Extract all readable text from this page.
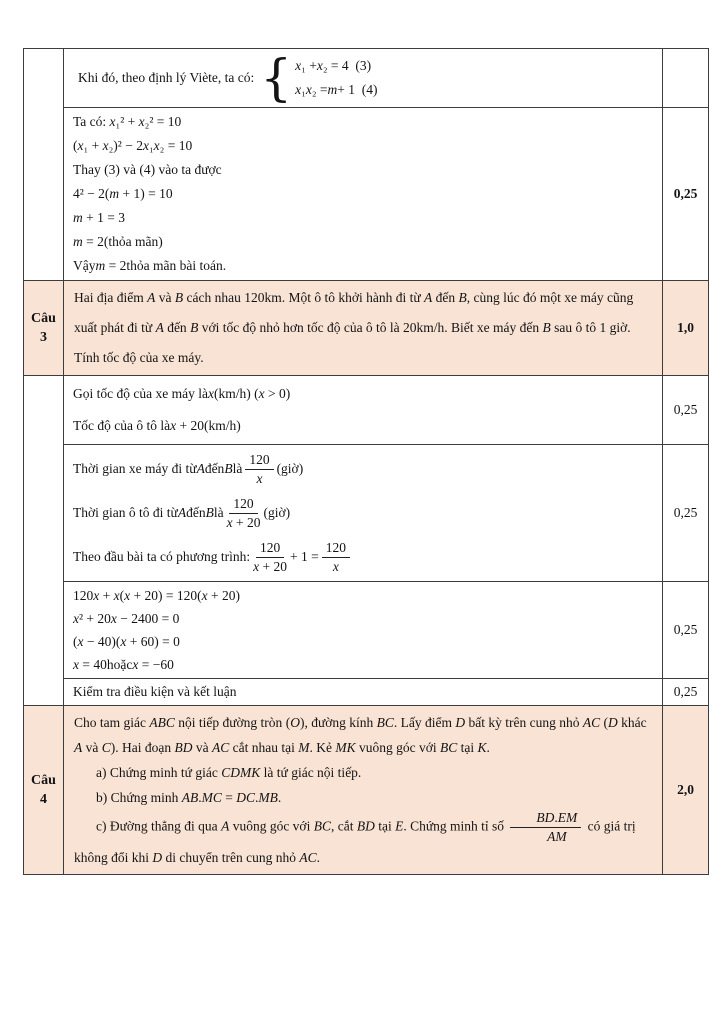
Khi đó, theo định lý Viète, ta có: { x ₁ + x ₂ = 4  (3)
x ₁ x ₂ = m + 1  (4)

Ta có: x₁² + x₂² = 10
(x₁ + x₂)² − 2x₁x₂ = 10
Thay (3) và (4) vào ta được
4² − 2(m + 1) = 10
m + 1 = 3
m = 2 (thỏa mãn)
Vậy m = 2 thỏa mãn bài toán.
	0,25

Câu
3	Hai địa điểm A và B cách nhau 120km. Một ô tô khởi hành đi từ A đến B, cùng lúc đó một xe máy cũng xuất phát đi từ A đến B với tốc độ nhỏ hơn tốc độ của ô tô là 20km/h. Biết xe máy đến B sau ô tô 1 giờ. Tính tốc độ của xe máy.	1,0

Gọi tốc độ của xe máy là x (km/h) (x > 0)
Tốc độ của ô tô là x + 20 (km/h)
	0,25

Thời gian xe máy đi từ A đến B là $\frac{120}{x}$ (giờ)
Thời gian ô tô đi từ A đến B là $\frac{120}{x + 20}$ (giờ)
Theo đầu bài ta có phương trình: $\frac{120}{x + 20} + 1 = \frac{120}{x}$
	0,25

120x + x(x + 20) = 120(x + 20)
x² + 20x − 2400 = 0
(x − 40)(x + 60) = 0
x = 40 hoặc x = −60
	0,25

	Kiểm tra điều kiện và kết luận	0,25

Câu
4

Cho tam giác ABC nội tiếp đường tròn (O), đường kính BC. Lấy điểm D bất kỳ trên cung nhỏ AC (D khác A và C). Hai đoạn BD và AC cắt nhau tại M. Kẻ MK vuông góc với BC tại K.
a) Chứng minh tứ giác CDMK là tứ giác nội tiếp.
b) Chứng minh AB.MC = DC.MB.
c) Đường thẳng đi qua A vuông góc với BC, cắt BD tại E. Chứng minh tỉ số $\frac{BD.EM}{AM}$ có giá trị không đổi khi D di chuyển trên cung nhỏ AC.
	2,0
